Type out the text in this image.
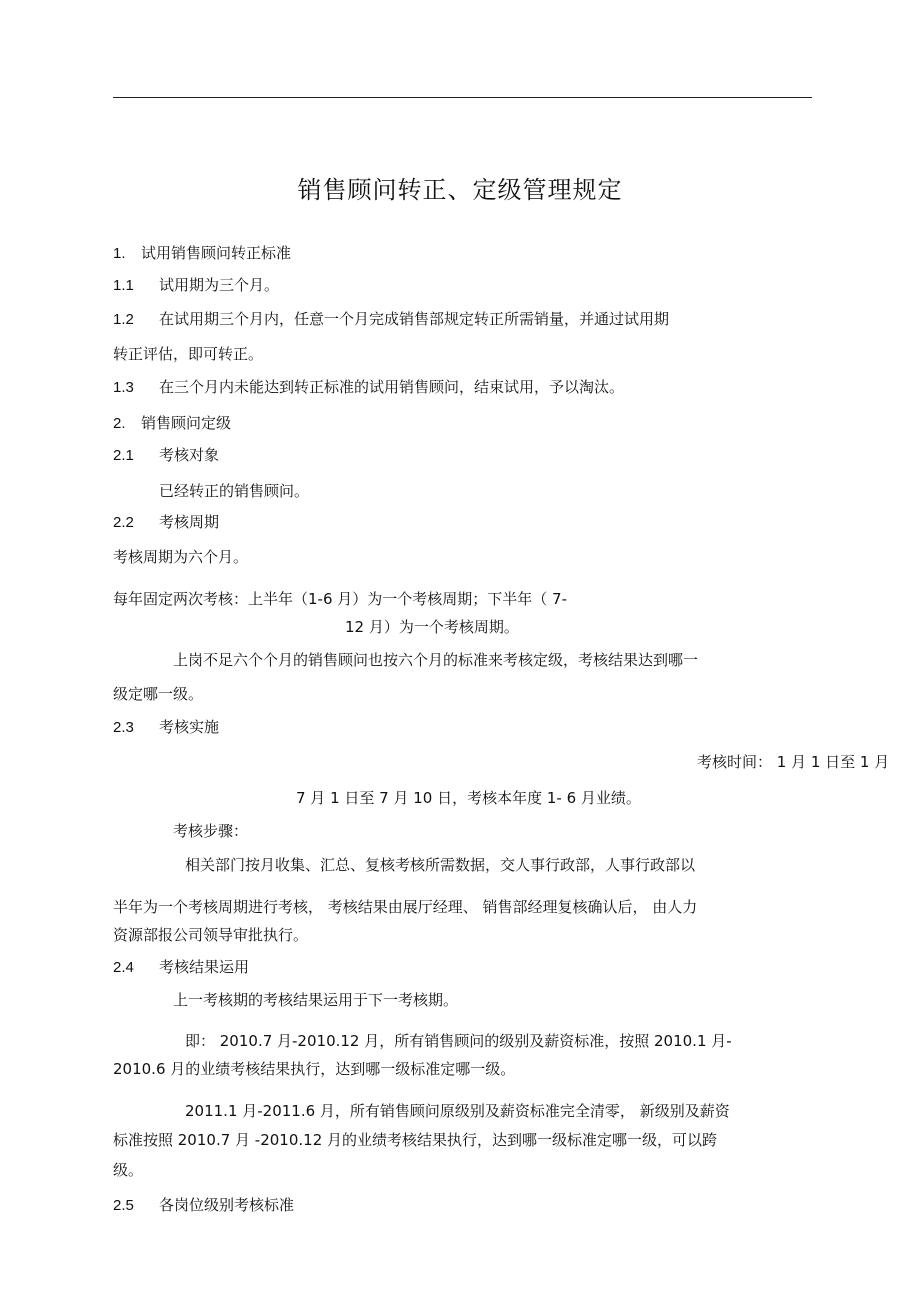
销售顾问转正、定级管理规定
1. 试用销售顾问转正标准
1.1 试用期为三个月。
1.2 在试用期三个月内，任意一个月完成销售部规定转正所需销量，并通过试用期
转正评估，即可转正。
1.3 在三个月内未能达到转正标准的试用销售顾问，结束试用，予以淘汰。
2. 销售顾问定级
2.1 考核对象
已经转正的销售顾问。
2.2 考核周期
考核周期为六个月。
每年固定两次考核：上半年（1-6 月）为一个考核周期；下半年（ 7-
12 月）为一个考核周期。
上岗不足六个个月的销售顾问也按六个月的标准来考核定级，考核结果达到哪一
级定哪一级。
2.3 考核实施
考核时间： 1 月 1 日至 1 月
7 月 1 日至 7 月 10 日，考核本年度 1- 6 月业绩。
考核步骤：
相关部门按月收集、汇总、复核考核所需数据，交人事行政部，人事行政部以
半年为一个考核周期进行考核， 考核结果由展厅经理、 销售部经理复核确认后， 由人力
资源部报公司领导审批执行。
2.4 考核结果运用
上一考核期的考核结果运用于下一考核期。
即： 2010.7 月-2010.12 月，所有销售顾问的级别及薪资标准，按照 2010.1 月-
2010.6 月的业绩考核结果执行，达到哪一级标准定哪一级。
2011.1 月-2011.6 月，所有销售顾问原级别及薪资标准完全清零， 新级别及薪资
标准按照 2010.7 月 -2010.12 月的业绩考核结果执行，达到哪一级标准定哪一级，可以跨
级。
2.5 各岗位级别考核标准
